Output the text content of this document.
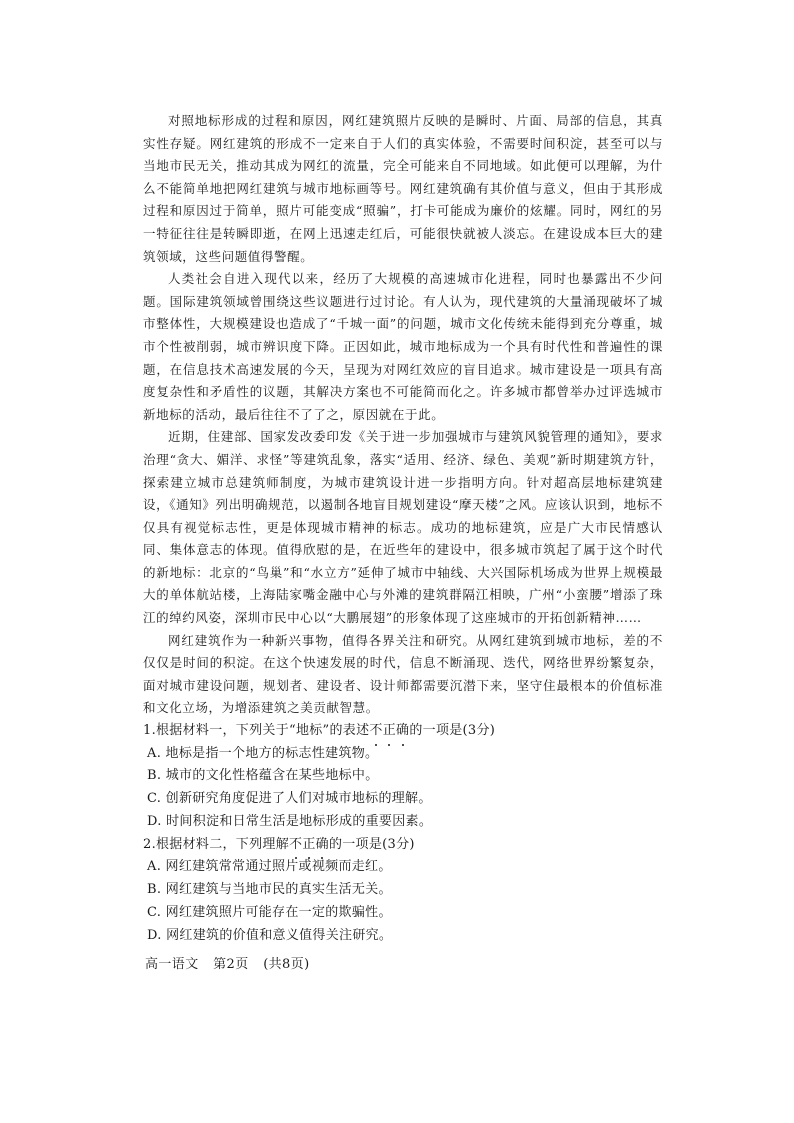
对照地标形成的过程和原因，网红建筑照片反映的是瞬时、片面、局部的信息，其真实性存疑。网红建筑的形成不一定来自于人们的真实体验，不需要时间积淀，甚至可以与当地市民无关，推动其成为网红的流量，完全可能来自不同地域。如此便可以理解，为什么不能简单地把网红建筑与城市地标画等号。网红建筑确有其价值与意义，但由于其形成过程和原因过于简单，照片可能变成“照骗”，打卡可能成为廉价的炫耀。同时，网红的另一特征往往是转瞬即逝，在网上迅速走红后，可能很快就被人淡忘。在建设成本巨大的建筑领域，这些问题值得警醒。

人类社会自进入现代以来，经历了大规模的高速城市化进程，同时也暴露出不少问题。国际建筑领域曾围绕这些议题进行过讨论。有人认为，现代建筑的大量涌现破坏了城市整体性，大规模建设也造成了“千城一面”的问题，城市文化传统未能得到充分尊重，城市个性被削弱，城市辨识度下降。正因如此，城市地标成为一个具有时代性和普遍性的课题，在信息技术高速发展的今天，呈现为对网红效应的盲目追求。城市建设是一项具有高度复杂性和矛盾性的议题，其解决方案也不可能简而化之。许多城市都曾举办过评选城市新地标的活动，最后往往不了了之，原因就在于此。

近期，住建部、国家发改委印发《关于进一步加强城市与建筑风貌管理的通知》，要求治理“贪大、媚洋、求怪”等建筑乱象，落实“适用、经济、绿色、美观”新时期建筑方针，探索建立城市总建筑师制度，为城市建筑设计进一步指明方向。针对超高层地标建筑建设，《通知》列出明确规范，以遏制各地盲目规划建设“摩天楼”之风。应该认识到，地标不仅具有视觉标志性，更是体现城市精神的标志。成功的地标建筑，应是广大市民情感认同、集体意志的体现。值得欣慰的是，在近些年的建设中，很多城市筑起了属于这个时代的新地标：北京的“鸟巢”和“水立方”延伸了城市中轴线、大兴国际机场成为世界上规模最大的单体航站楼，上海陆家嘴金融中心与外滩的建筑群隔江相映，广州“小蛮腰”增添了珠江的绰约风姿，深圳市民中心以“大鹏展翅”的形象体现了这座城市的开拓创新精神……

网红建筑作为一种新兴事物，值得各界关注和研究。从网红建筑到城市地标，差的不仅仅是时间的积淀。在这个快速发展的时代，信息不断涌现、迭代，网络世界纷繁复杂，面对城市建设问题，规划者、建设者、设计师都需要沉潜下来，坚守住最根本的价值标准和文化立场，为增添建筑之美贡献智慧。

1.根据材料一，下列关于“地标”的表述不正确的一项是(3分)

A. 地标是指一个地方的标志性建筑物。

B. 城市的文化性格蕴含在某些地标中。

C. 创新研究角度促进了人们对城市地标的理解。

D. 时间积淀和日常生活是地标形成的重要因素。

2.根据材料二，下列理解不正确的一项是(3分)

A. 网红建筑常常通过照片或视频而走红。

B. 网红建筑与当地市民的真实生活无关。

C. 网红建筑照片可能存在一定的欺骗性。

D. 网红建筑的价值和意义值得关注研究。

高一语文 第2页 (共8页)
